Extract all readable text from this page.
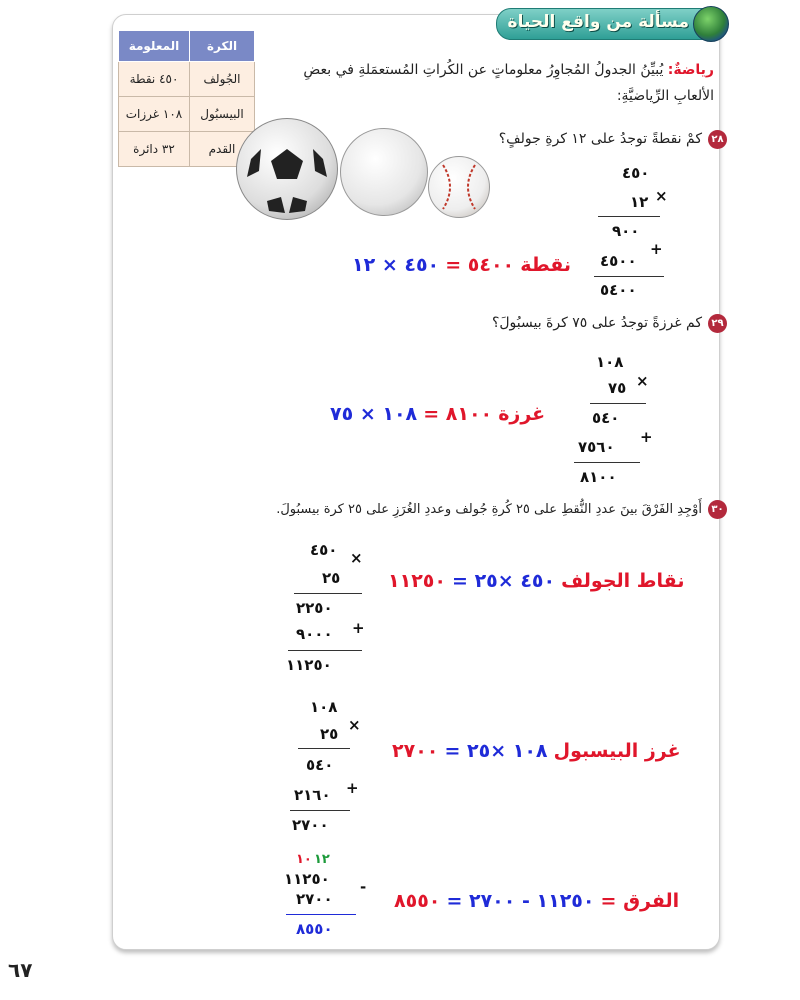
مسألة من واقع الحياة
الكرة	المعلومة
الجُولف	٤٥٠ نقطة
البيسبُول	١٠٨ غرزات
القدم	٣٢ دائرة
رياضةٌ: يُبيِّنُ الجدولُ المُجاوِرُ معلوماتٍ عن الكُراتِ المُستعمَلةِ في بعضِ
الألعابِ الرِّياضيَّةِ:
٢٨
كمْ نقطةً توجدُ على ١٢ كرةِ جولفٍ؟
٤٥٠
١٢ ×
٩٠٠
+
٤٥٠٠
٥٤٠٠
نقطة ٥٤٠٠ = ٤٥٠ × ١٢
٢٩
كم غرزةً توجدُ على ٧٥ كرةَ بيسبُولَ؟
١٠٨
٧٥ ×
٥٤٠
+
٧٥٦٠
٨١٠٠
غرزة ٨١٠٠ = ١٠٨ × ٧٥
٣٠
أَوْجِدِ الفَرْقَ بينَ عددِ النُّقطِ على ٢٥ كُرةِ جُولف وعددِ الغُرَزِ على ٢٥ كرة بيسبُولَ.
٤٥٠ ×
٢٥
٢٢٥٠
+
٩٠٠٠
١١٢٥٠
نقاط الجولف ٤٥٠ ×٢٥ = ١١٢٥٠
١٠٨
×
٢٥
٥٤٠
+
٢١٦٠
٢٧٠٠
غرز البيسبول ١٠٨ ×٢٥ = ٢٧٠٠
١٠ ١٢
١١٢٥٠ -
٢٧٠٠
٨٥٥٠
الفرق = ١١٢٥٠ - ٢٧٠٠ = ٨٥٥٠
٦٧
